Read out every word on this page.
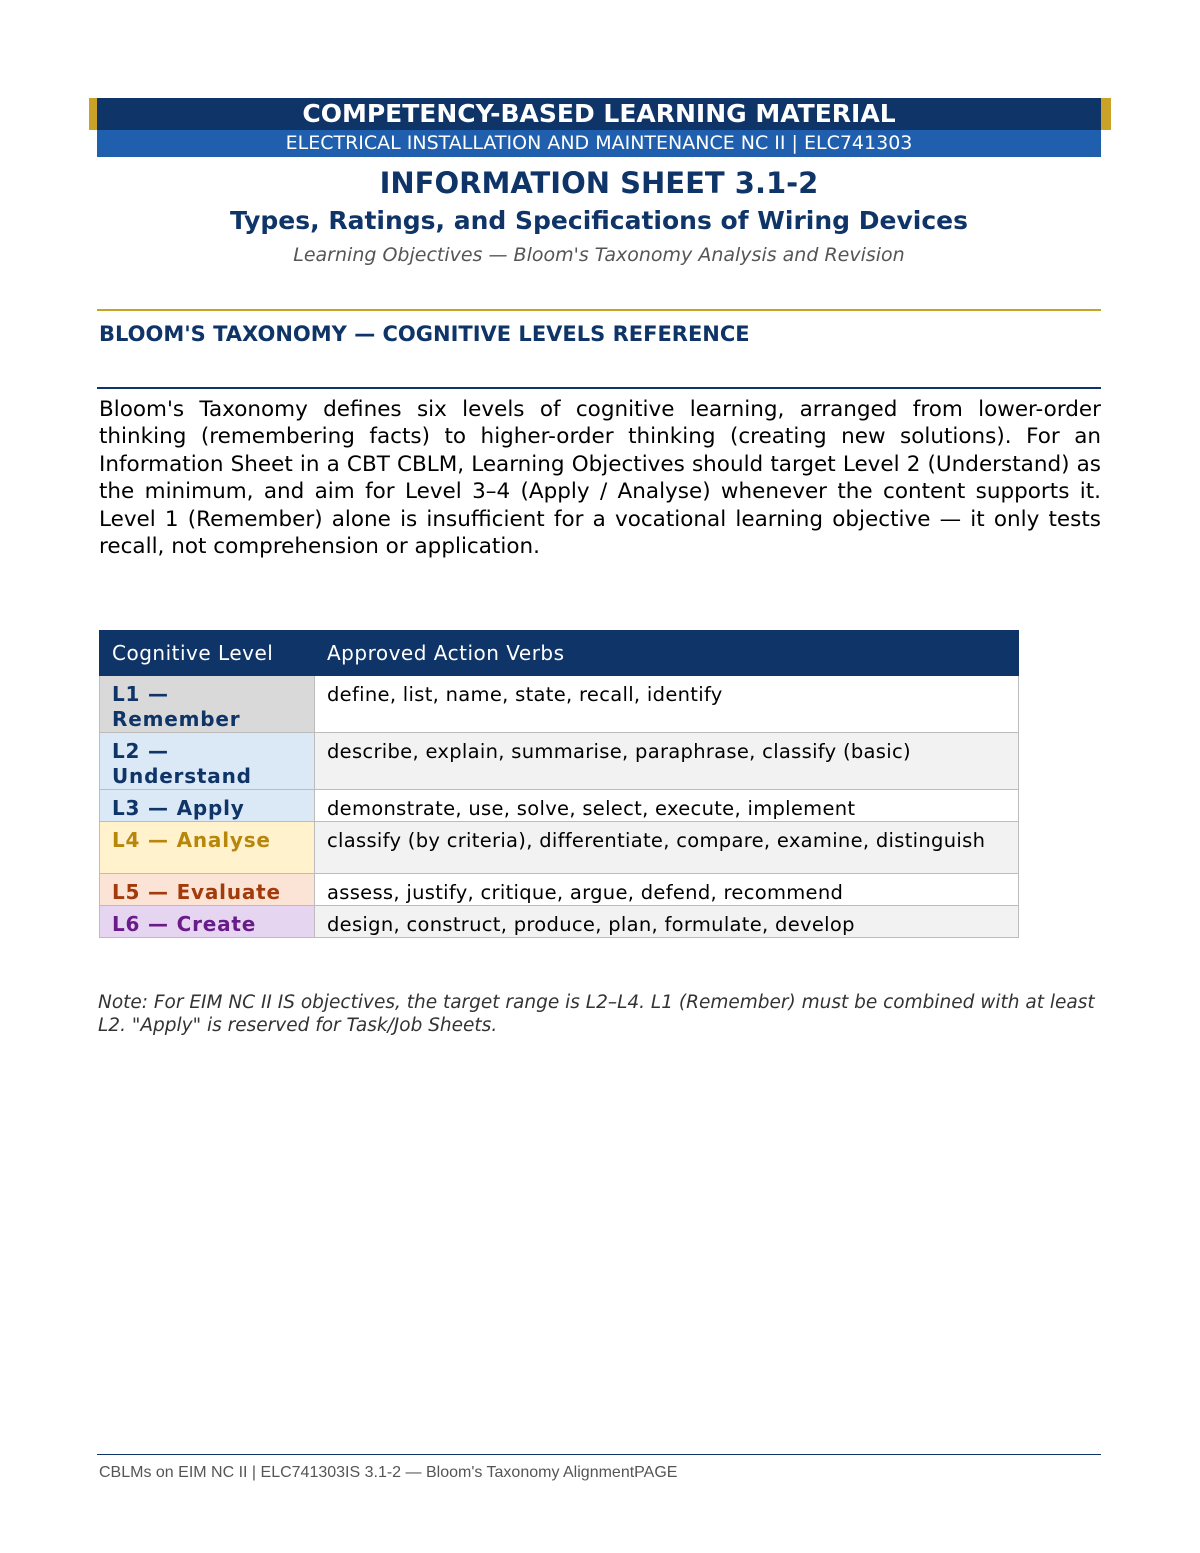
COMPETENCY-BASED LEARNING MATERIAL
ELECTRICAL INSTALLATION AND MAINTENANCE NC II | ELC741303
INFORMATION SHEET 3.1-2
Types, Ratings, and Specifications of Wiring Devices
Learning Objectives — Bloom's Taxonomy Analysis and Revision
BLOOM'S TAXONOMY — COGNITIVE LEVELS REFERENCE

Bloom's Taxonomy defines six levels of cognitive learning, arranged from lower-order thinking (remembering facts) to higher-order thinking (creating new solutions). For an Information Sheet in a CBT CBLM, Learning Objectives should target Level 2 (Understand) as the minimum, and aim for Level 3–4 (Apply / Analyse) whenever the content supports it. Level 1 (Remember) alone is insufficient for a vocational learning objective — it only tests recall, not comprehension or application.

Cognitive Level	Approved Action Verbs
L1 — Remember	define, list, name, state, recall, identify
L2 — Understand	describe, explain, summarise, paraphrase, classify (basic)
L3 — Apply	demonstrate, use, solve, select, execute, implement
L4 — Analyse	classify (by criteria), differentiate, compare, examine, distinguish
L5 — Evaluate	assess, justify, critique, argue, defend, recommend
L6 — Create	design, construct, produce, plan, formulate, develop
Note: For EIM NC II IS objectives, the target range is L2–L4. L1 (Remember) must be combined with at least L2. "Apply" is reserved for Task/Job Sheets.
CBLMs on EIM NC II | ELC741303IS 3.1-2 — Bloom's Taxonomy AlignmentPAGE
